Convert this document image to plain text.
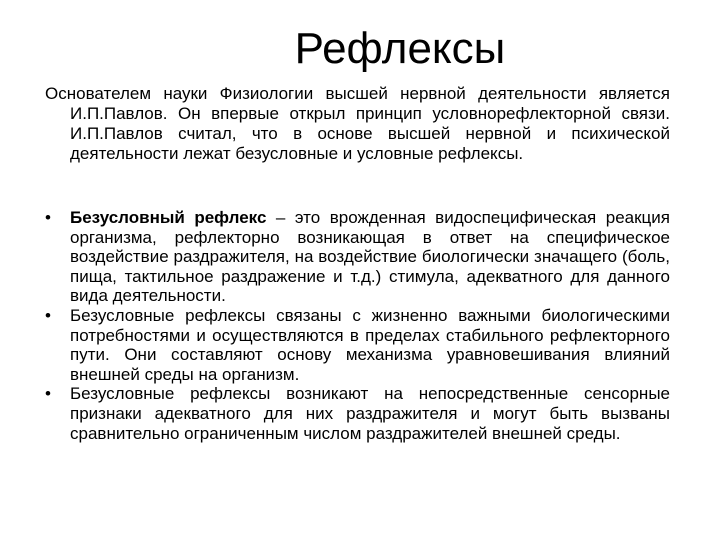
Рефлексы

Основателем науки Физиологии высшей нервной деятельности является И.П.Павлов. Он впервые открыл принцип условнорефлекторной связи. И.П.Павлов считал, что в основе высшей нервной и психической деятельности лежат безусловные и условные рефлексы.

•	Безусловный рефлекс – это врожденная видоспецифическая реакция организма, рефлекторно возникающая в ответ на специфическое воздействие раздражителя, на воздействие биологически значащего (боль, пища, тактильное раздражение и т.д.) стимула, адекватного для данного вида деятельности.
•	Безусловные рефлексы связаны с жизненно важными биологическими потребностями и осуществляются в пределах стабильного рефлекторного пути. Они составляют основу механизма уравновешивания влияний внешней среды на организм.
•	Безусловные рефлексы возникают на непосредственные сенсорные признаки адекватного для них раздражителя и могут быть вызваны сравнительно ограниченным числом раздражителей внешней среды.
